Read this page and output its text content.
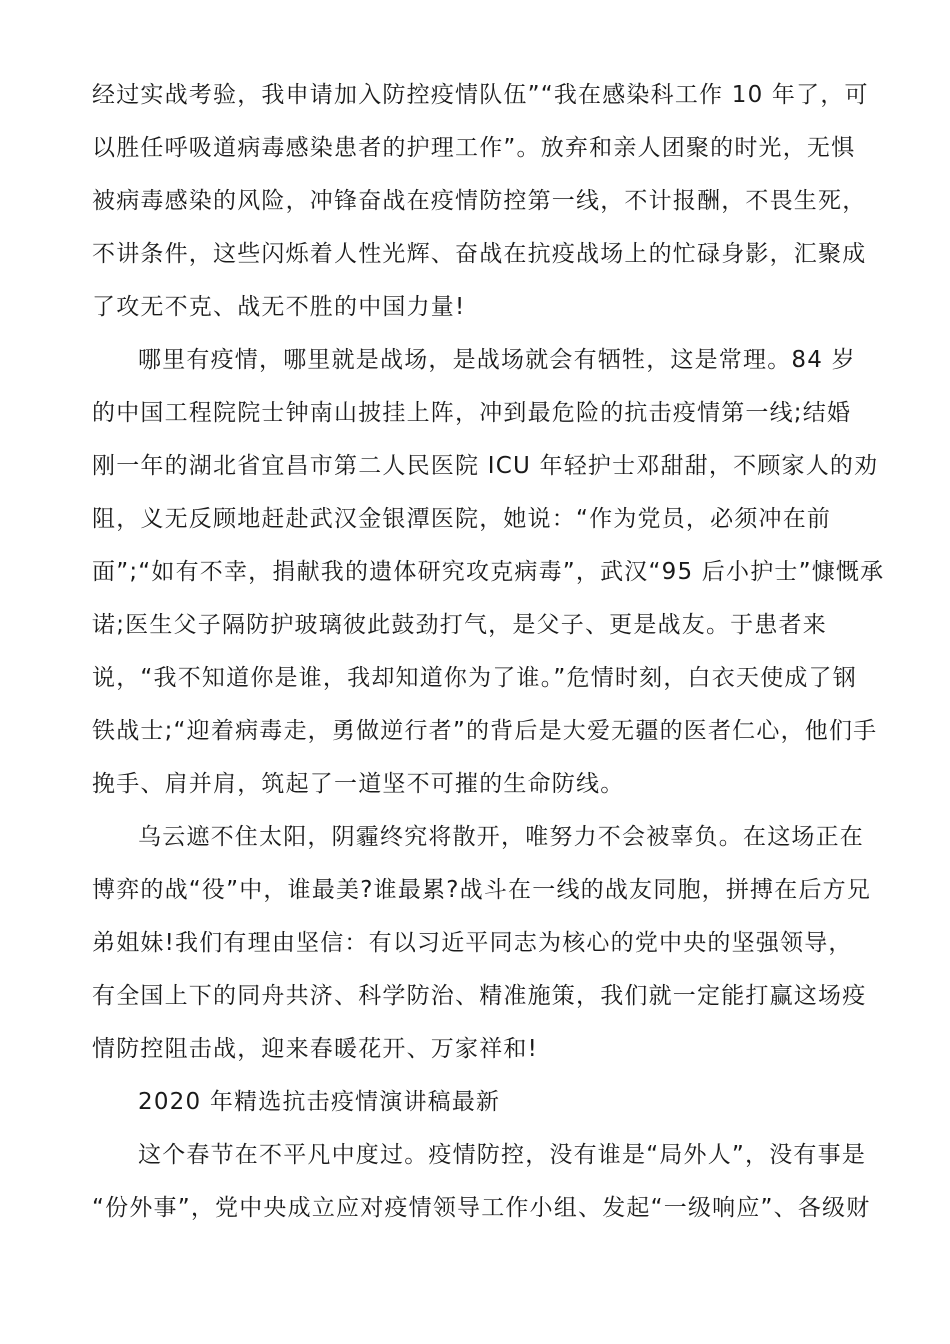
经过实战考验，我申请加入防控疫情队伍”“我在感染科工作 10 年了，可
以胜任呼吸道病毒感染患者的护理工作”。放弃和亲人团聚的时光，无惧
被病毒感染的风险，冲锋奋战在疫情防控第一线，不计报酬，不畏生死，
不讲条件，这些闪烁着人性光辉、奋战在抗疫战场上的忙碌身影，汇聚成
了攻无不克、战无不胜的中国力量!
哪里有疫情，哪里就是战场，是战场就会有牺牲，这是常理。84 岁
的中国工程院院士钟南山披挂上阵，冲到最危险的抗击疫情第一线;结婚
刚一年的湖北省宜昌市第二人民医院 ICU 年轻护士邓甜甜，不顾家人的劝
阻，义无反顾地赶赴武汉金银潭医院，她说：“作为党员，必须冲在前
面”;“如有不幸，捐献我的遗体研究攻克病毒”，武汉“95 后小护士”慷慨承
诺;医生父子隔防护玻璃彼此鼓劲打气，是父子、更是战友。于患者来
说，“我不知道你是谁，我却知道你为了谁。”危情时刻，白衣天使成了钢
铁战士;“迎着病毒走，勇做逆行者”的背后是大爱无疆的医者仁心，他们手
挽手、肩并肩，筑起了一道坚不可摧的生命防线。
乌云遮不住太阳，阴霾终究将散开，唯努力不会被辜负。在这场正在
博弈的战“役”中，谁最美?谁最累?战斗在一线的战友同胞，拼搏在后方兄
弟姐妹!我们有理由坚信：有以习近平同志为核心的党中央的坚强领导，
有全国上下的同舟共济、科学防治、精准施策，我们就一定能打赢这场疫
情防控阻击战，迎来春暖花开、万家祥和!
2020 年精选抗击疫情演讲稿最新
这个春节在不平凡中度过。疫情防控，没有谁是“局外人”，没有事是
“份外事”，党中央成立应对疫情领导工作小组、发起“一级响应”、各级财
